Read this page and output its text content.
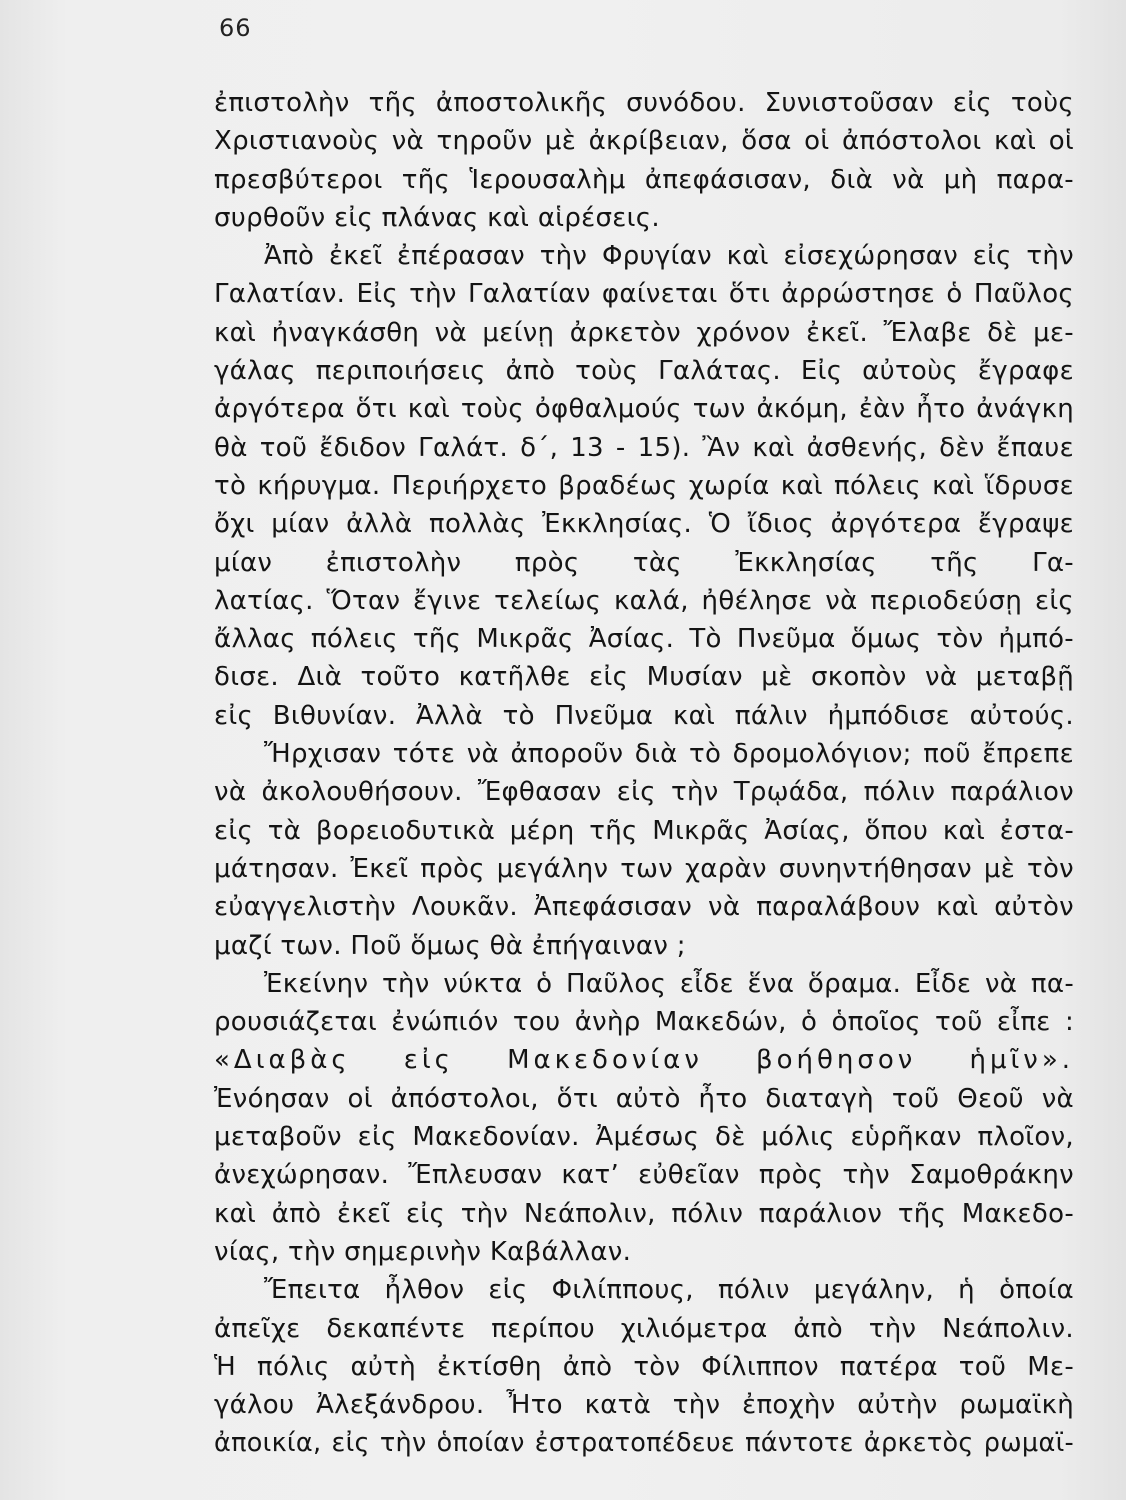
66
ἐπιστολὴν τῆς ἀποστολικῆς συνόδου. Συνιστοῦσαν εἰς τοὺς
Χριστιανοὺς νὰ τηροῦν μὲ ἀκρίβειαν, ὅσα οἱ ἀπόστολοι καὶ οἱ
πρεσβύτεροι τῆς Ἱερουσαλὴμ ἀπεφάσισαν, διὰ νὰ μὴ παρα-
συρθοῦν εἰς πλάνας καὶ αἱρέσεις.
Ἀπὸ ἐκεῖ ἐπέρασαν τὴν Φρυγίαν καὶ εἰσεχώρησαν εἰς τὴν
Γαλατίαν. Εἰς τὴν Γαλατίαν φαίνεται ὅτι ἀρρώστησε ὁ Παῦλος
καὶ ἠναγκάσθη νὰ μείνῃ ἀρκετὸν χρόνον ἐκεῖ. Ἔλαβε δὲ με-
γάλας περιποιήσεις ἀπὸ τοὺς Γαλάτας. Εἰς αὐτοὺς ἔγραφε
ἀργότερα ὅτι καὶ τοὺς ὀφθαλμούς των ἀκόμη, ἐὰν ἦτο ἀνάγκη
θὰ τοῦ ἔδιδον Γαλάτ. δ΄, 13 - 15). Ἂν καὶ ἀσθενής, δὲν ἔπαυε
τὸ κήρυγμα. Περιήρχετο βραδέως χωρία καὶ πόλεις καὶ ἵδρυσε
ὄχι μίαν ἀλλὰ πολλὰς Ἐκκλησίας. Ὁ ἴδιος ἀργότερα ἔγραψε
μίαν ἐπιστολὴν πρὸς τὰς Ἐκκλησίας τῆς Γα-
λατίας. Ὅταν ἔγινε τελείως καλά, ἠθέλησε νὰ περιοδεύσῃ εἰς
ἄλλας πόλεις τῆς Μικρᾶς Ἀσίας. Τὸ Πνεῦμα ὅμως τὸν ἠμπό-
δισε. Διὰ τοῦτο κατῆλθε εἰς Μυσίαν μὲ σκοπὸν νὰ μεταβῇ
εἰς Βιθυνίαν. Ἀλλὰ τὸ Πνεῦμα καὶ πάλιν ἠμπόδισε αὐτούς.
Ἤρχισαν τότε νὰ ἀποροῦν διὰ τὸ δρομολόγιον; ποῦ ἔπρεπε
νὰ ἀκολουθήσουν. Ἔφθασαν εἰς τὴν Τρῳάδα, πόλιν παράλιον
εἰς τὰ βορειοδυτικὰ μέρη τῆς Μικρᾶς Ἀσίας, ὅπου καὶ ἐστα-
μάτησαν. Ἐκεῖ πρὸς μεγάλην των χαρὰν συνηντήθησαν μὲ τὸν
εὐαγγελιστὴν Λουκᾶν. Ἀπεφάσισαν νὰ παραλάβουν καὶ αὐτὸν
μαζί των. Ποῦ ὅμως θὰ ἐπήγαιναν ;
Ἐκείνην τὴν νύκτα ὁ Παῦλος εἶδε ἕνα ὅραμα. Εἶδε νὰ πα-
ρουσιάζεται ἐνώπιόν του ἀνὴρ Μακεδών, ὁ ὁποῖος τοῦ εἶπε :
«Διαβὰς εἰς Μακεδονίαν βοήθησον ἡμῖν».
Ἐνόησαν οἱ ἀπόστολοι, ὅτι αὐτὸ ἦτο διαταγὴ τοῦ Θεοῦ νὰ
μεταβοῦν εἰς Μακεδονίαν. Ἀμέσως δὲ μόλις εὑρῆκαν πλοῖον,
ἀνεχώρησαν. Ἔπλευσαν κατ’ εὐθεῖαν πρὸς τὴν Σαμοθράκην
καὶ ἀπὸ ἐκεῖ εἰς τὴν Νεάπολιν, πόλιν παράλιον τῆς Μακεδο-
νίας, τὴν σημερινὴν Καβάλλαν.
Ἔπειτα ἦλθον εἰς Φιλίππους, πόλιν μεγάλην, ἡ ὁποία
ἀπεῖχε δεκαπέντε περίπου χιλιόμετρα ἀπὸ τὴν Νεάπολιν.
Ἡ πόλις αὐτὴ ἐκτίσθη ἀπὸ τὸν Φίλιππον πατέρα τοῦ Με-
γάλου Ἀλεξάνδρου. Ἦτο κατὰ τὴν ἐποχὴν αὐτὴν ρωμαϊκὴ
ἀποικία, εἰς τὴν ὁποίαν ἐστρατοπέδευε πάντοτε ἀρκετὸς ρωμαϊ-
